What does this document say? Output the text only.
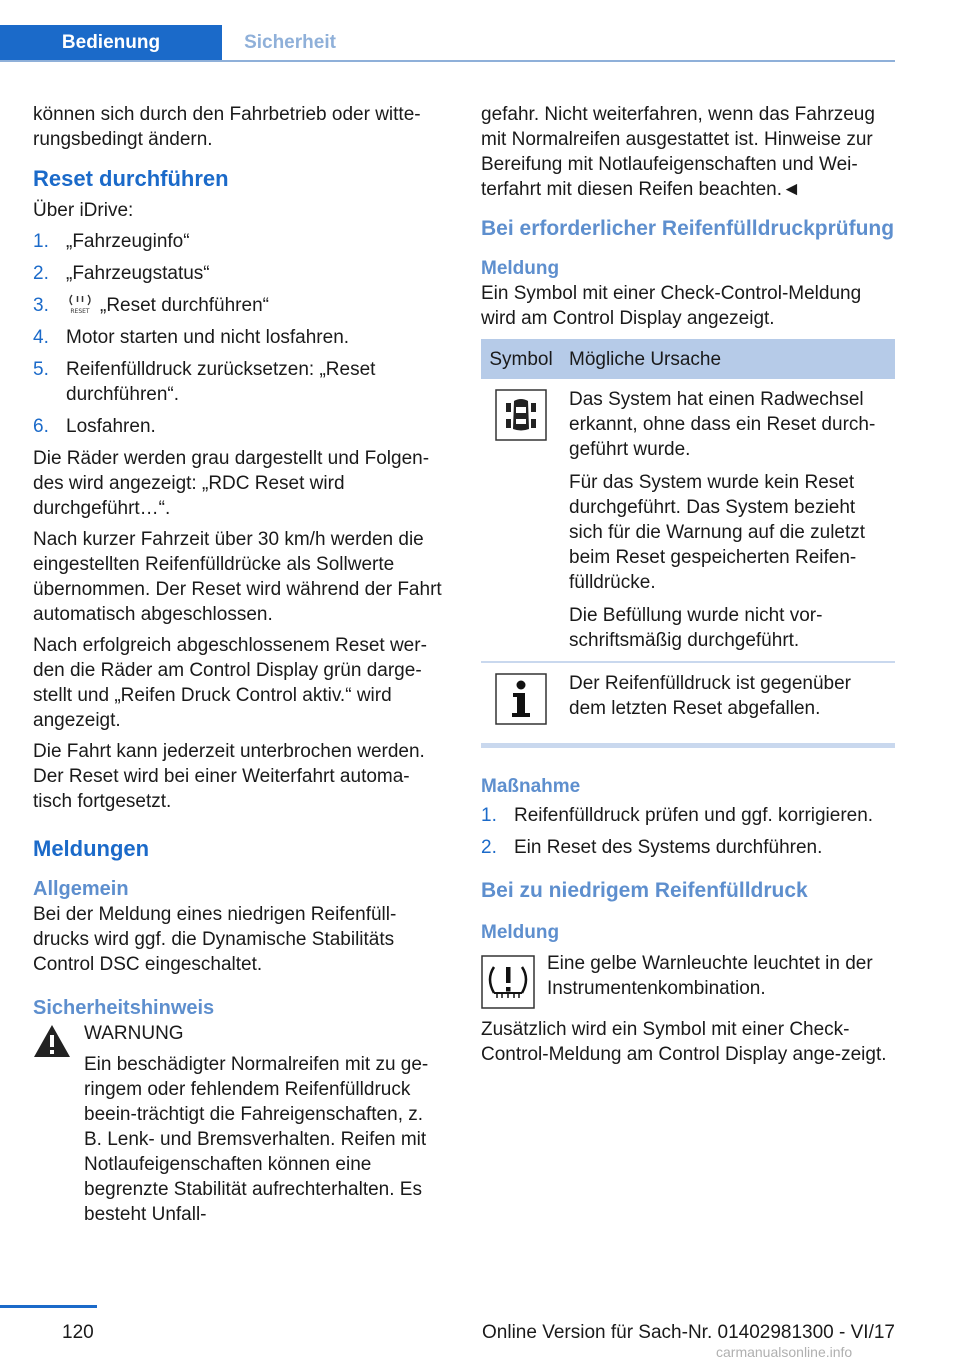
Bedienung	Sicherheit

können sich durch den Fahrbetrieb oder witte-rungsbedingt ändern.

Reset durchführen

Über iDrive:

1. „Fahrzeuginfo“
2. „Fahrzeugstatus“
3.	RESET „Reset durchführen“
4. Motor starten und nicht losfahren.
5. Reifenfülldruck zurücksetzen: „Reset durchführen“.
6. Losfahren.

Die Räder werden grau dargestellt und Folgen-des wird angezeigt: „RDC Reset wird durchgeführt…“.

Nach kurzer Fahrzeit über 30 km/h werden die eingestellten Reifenfülldrücke als Sollwerte übernommen. Der Reset wird während der Fahrt automatisch abgeschlossen.

Nach erfolgreich abgeschlossenem Reset wer-den die Räder am Control Display grün darge-stellt und „Reifen Druck Control aktiv.“ wird angezeigt.

Die Fahrt kann jederzeit unterbrochen werden. Der Reset wird bei einer Weiterfahrt automa-tisch fortgesetzt.

Meldungen
Allgemein

Bei der Meldung eines niedrigen Reifenfüll-drucks wird ggf. die Dynamische Stabilitäts Control DSC eingeschaltet.

Sicherheitshinweis

WARNUNG

Ein beschädigter Normalreifen mit zu ge-ringem oder fehlendem Reifenfülldruck beein-trächtigt die Fahreigenschaften, z. B. Lenk- und Bremsverhalten. Reifen mit Notlaufeigenschaften können eine begrenzte Stabilität aufrechterhalten. Es besteht Unfall-

gefahr. Nicht weiterfahren, wenn das Fahrzeug mit Normalreifen ausgestattet ist. Hinweise zur Bereifung mit Notlaufeigenschaften und Wei-terfahrt mit diesen Reifen beachten.◄

Bei erforderlicher Reifenfülldruckprüfung
Meldung

Ein Symbol mit einer Check-Control-Meldung wird am Control Display angezeigt.

Symbol	Mögliche Ursache

Das System hat einen Radwechsel erkannt, ohne dass ein Reset durch-geführt wurde.

Für das System wurde kein Reset durchgeführt. Das System bezieht sich für die Warnung auf die zuletzt beim Reset gespeicherten Reifen-fülldrücke.

Die Befüllung wurde nicht vor-schriftsmäßig durchgeführt.

Der Reifenfülldruck ist gegenüber dem letzten Reset abgefallen.

Maßnahme
1. Reifenfülldruck prüfen und ggf. korrigieren.
2. Ein Reset des Systems durchführen.
Bei zu niedrigem Reifenfülldruck
Meldung

Eine gelbe Warnleuchte leuchtet in der Instrumentenkombination.

Zusätzlich wird ein Symbol mit einer Check-Control-Meldung am Control Display ange-zeigt.

120	Online Version für Sach-Nr. 01402981300 - VI/17
carmanualsonline.info
